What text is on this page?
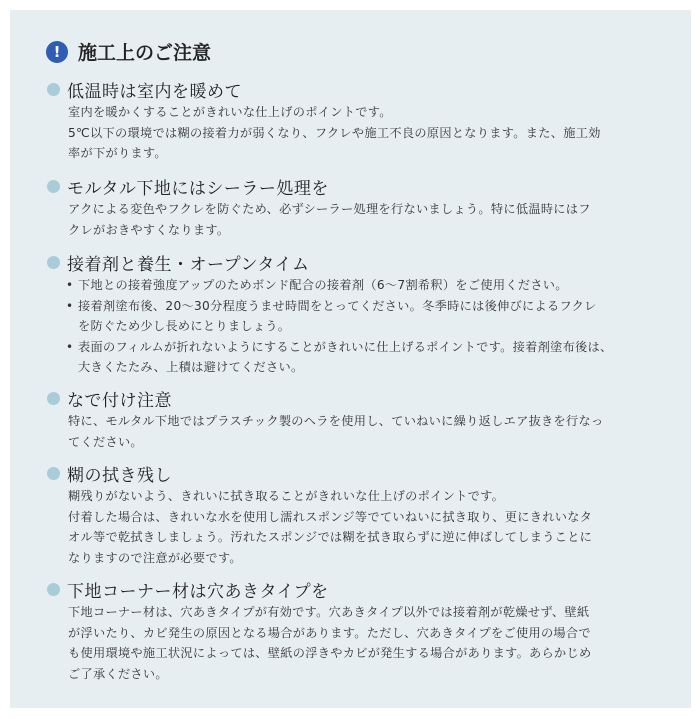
! 施工上のご注意
低温時は室内を暖めて

室内を暖かくすることがきれいな仕上げのポイントです。

5℃以下の環境では糊の接着力が弱くなり、フクレや施工不良の原因となります。また、施工効

率が下がります。

モルタル下地にはシーラー処理を

アクによる変色やフクレを防ぐため、必ずシーラー処理を行ないましょう。特に低温時にはフ

クレがおきやすくなります。

接着剤と養生・オープンタイム
• 下地との接着強度アップのためボンド配合の接着剤（6～7割希釈）をご使用ください。
• 接着剤塗布後、20～30分程度うませ時間をとってください。冬季時には後伸びによるフクレ

を防ぐため少し長めにとりましょう。

• 表面のフィルムが折れないようにすることがきれいに仕上げるポイントです。接着剤塗布後は、

大きくたたみ、上積は避けてください。

なで付け注意

特に、モルタル下地ではプラスチック製のヘラを使用し、ていねいに繰り返しエア抜きを行なっ

てください。

糊の拭き残し

糊残りがないよう、きれいに拭き取ることがきれいな仕上げのポイントです。

付着した場合は、きれいな水を使用し濡れスポンジ等でていねいに拭き取り、更にきれいなタ

オル等で乾拭きしましょう。汚れたスポンジでは糊を拭き取らずに逆に伸ばしてしまうことに

なりますので注意が必要です。

下地コーナー材は穴あきタイプを

下地コーナー材は、穴あきタイプが有効です。穴あきタイプ以外では接着剤が乾燥せず、壁紙

が浮いたり、カビ発生の原因となる場合があります。ただし、穴あきタイプをご使用の場合で

も使用環境や施工状況によっては、壁紙の浮きやカビが発生する場合があります。あらかじめ

ご了承ください。
